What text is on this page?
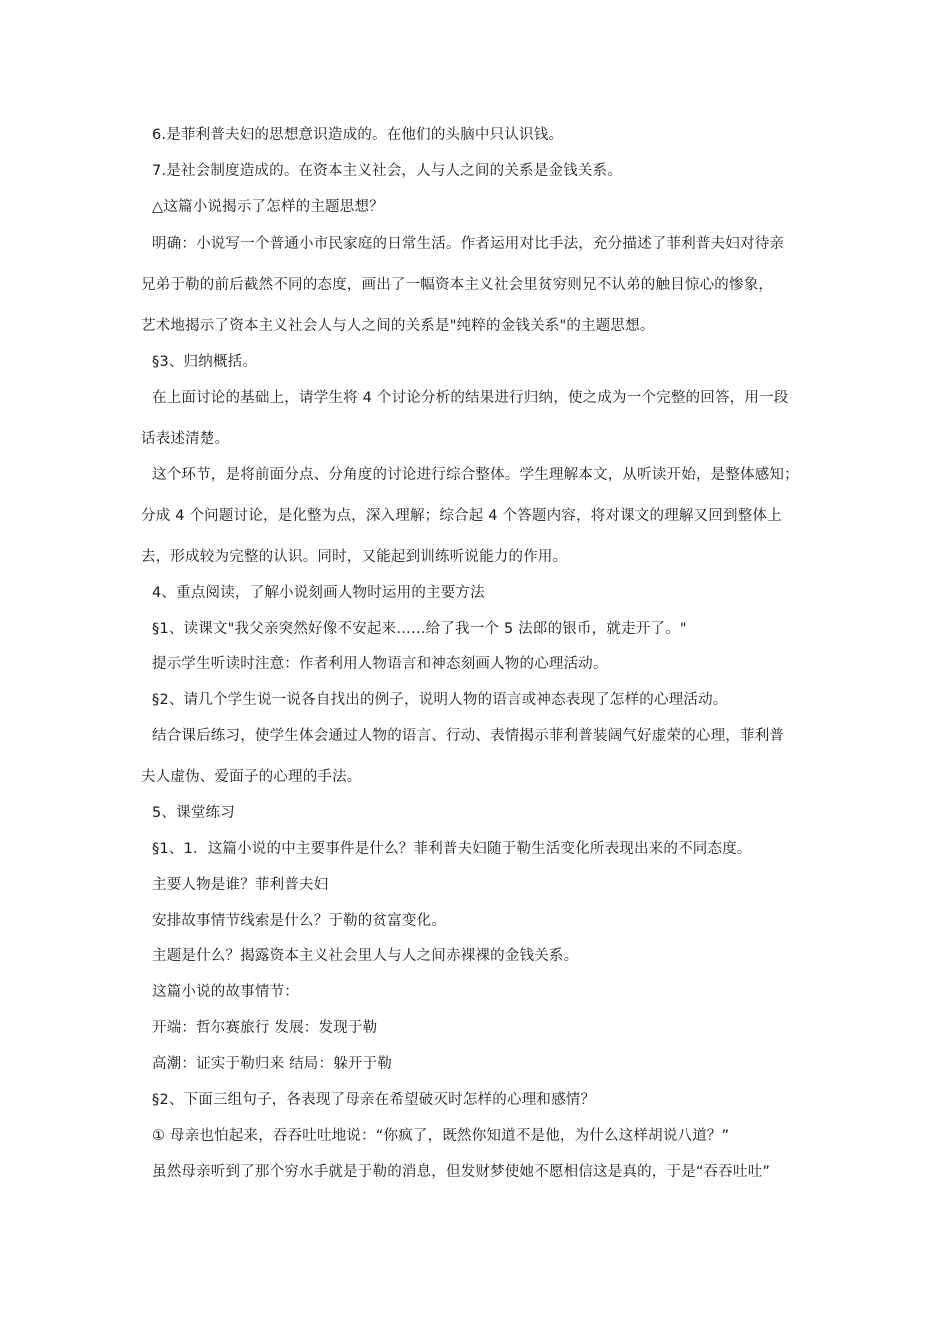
6.是菲利普夫妇的思想意识造成的。在他们的头脑中只认识钱。
7.是社会制度造成的。在资本主义社会，人与人之间的关系是金钱关系。
△这篇小说揭示了怎样的主题思想？
明确：小说写一个普通小市民家庭的日常生活。作者运用对比手法，充分描述了菲利普夫妇对待亲
兄弟于勒的前后截然不同的态度，画出了一幅资本主义社会里贫穷则兄不认弟的触目惊心的惨象，
艺术地揭示了资本主义社会人与人之间的关系是"纯粹的金钱关系"的主题思想。
§3、归纳概括。
在上面讨论的基础上，请学生将 4 个讨论分析的结果进行归纳，使之成为一个完整的回答，用一段
话表述清楚。
这个环节，是将前面分点、分角度的讨论进行综合整体。学生理解本文，从听读开始，是整体感知；
分成 4 个问题讨论，是化整为点，深入理解；综合起 4 个答题内容，将对课文的理解又回到整体上
去，形成较为完整的认识。同时，又能起到训练听说能力的作用。
4、重点阅读，了解小说刻画人物时运用的主要方法
§1、读课文"我父亲突然好像不安起来……给了我一个 5 法郎的银币，就走开了。"
提示学生听读时注意：作者利用人物语言和神态刻画人物的心理活动。
§2、请几个学生说一说各自找出的例子，说明人物的语言或神态表现了怎样的心理活动。
结合课后练习，使学生体会通过人物的语言、行动、表情揭示菲利普装阔气好虚荣的心理，菲利普
夫人虚伪、爱面子的心理的手法。
5、课堂练习
§1、1．这篇小说的中主要事件是什么？菲利普夫妇随于勒生活变化所表现出来的不同态度。
主要人物是谁？菲利普夫妇
安排故事情节线索是什么？于勒的贫富变化。
主题是什么？揭露资本主义社会里人与人之间赤裸裸的金钱关系。
这篇小说的故事情节：
开端：哲尔赛旅行 发展：发现于勒
高潮：证实于勒归来 结局：躲开于勒
§2、下面三组句子，各表现了母亲在希望破灭时怎样的心理和感情？
① 母亲也怕起来，吞吞吐吐地说：“你疯了，既然你知道不是他，为什么这样胡说八道？”
虽然母亲听到了那个穷水手就是于勒的消息，但发财梦使她不愿相信这是真的，于是“吞吞吐吐”
